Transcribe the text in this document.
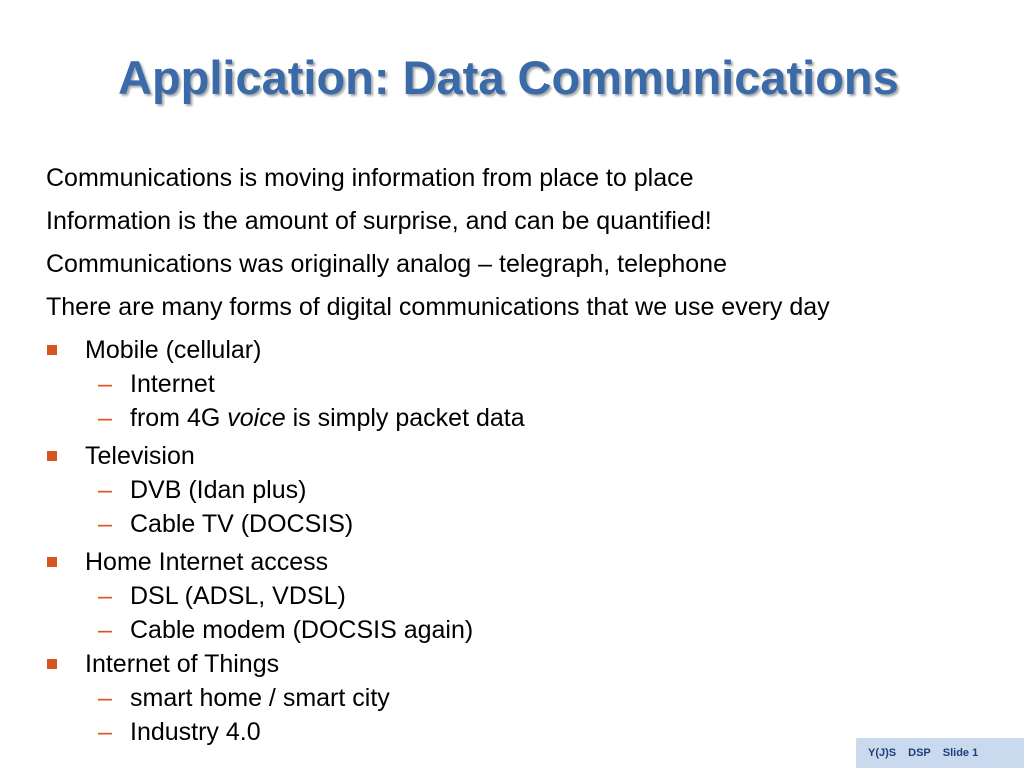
Application: Data Communications
Communications is moving information from place to place
Information is the amount of surprise, and can be quantified!
Communications was originally analog – telegraph, telephone
There are many forms of digital communications that we use every day
Mobile (cellular)
– Internet
– from 4G voice is simply packet data
Television
– DVB (Idan plus)
– Cable TV (DOCSIS)
Home Internet access
– DSL (ADSL, VDSL)
– Cable modem (DOCSIS again)
Internet of Things
– smart home / smart city
– Industry 4.0
Y(J)S DSP Slide 1
